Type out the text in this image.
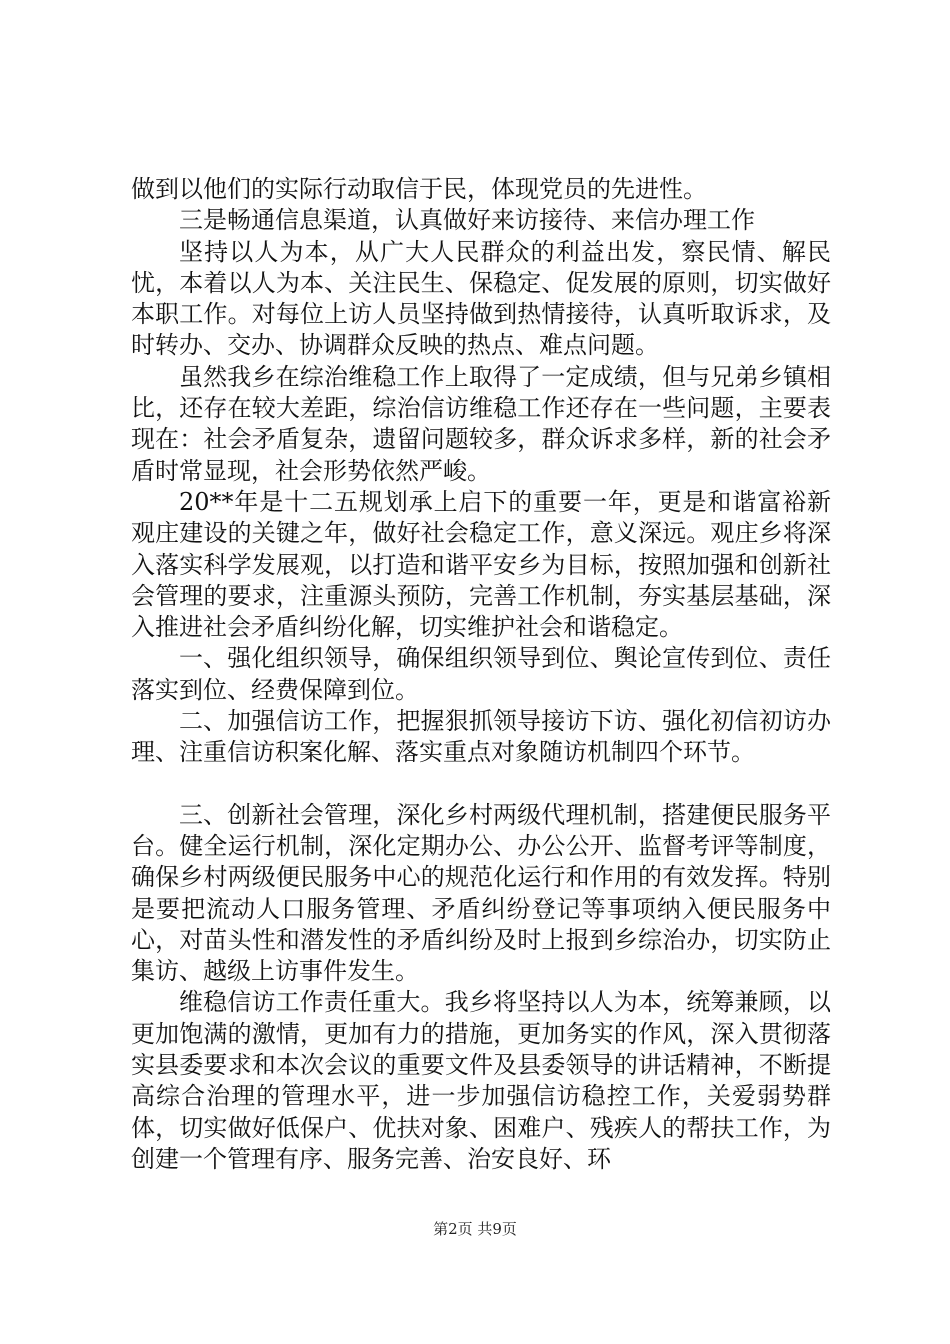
做到以他们的实际行动取信于民，体现党员的先进性。

三是畅通信息渠道，认真做好来访接待、来信办理工作

坚持以人为本，从广大人民群众的利益出发，察民情、解民忧，本着以人为本、关注民生、保稳定、促发展的原则，切实做好本职工作。对每位上访人员坚持做到热情接待，认真听取诉求，及时转办、交办、协调群众反映的热点、难点问题。

虽然我乡在综治维稳工作上取得了一定成绩，但与兄弟乡镇相比，还存在较大差距，综治信访维稳工作还存在一些问题，主要表现在：社会矛盾复杂，遗留问题较多，群众诉求多样，新的社会矛盾时常显现，社会形势依然严峻。

20**年是十二五规划承上启下的重要一年，更是和谐富裕新观庄建设的关键之年，做好社会稳定工作，意义深远。观庄乡将深入落实科学发展观，以打造和谐平安乡为目标，按照加强和创新社会管理的要求，注重源头预防，完善工作机制，夯实基层基础，深入推进社会矛盾纠纷化解，切实维护社会和谐稳定。

一、强化组织领导，确保组织领导到位、舆论宣传到位、责任落实到位、经费保障到位。

二、加强信访工作，把握狠抓领导接访下访、强化初信初访办理、注重信访积案化解、落实重点对象随访机制四个环节。

三、创新社会管理，深化乡村两级代理机制，搭建便民服务平台。健全运行机制，深化定期办公、办公公开、监督考评等制度，确保乡村两级便民服务中心的规范化运行和作用的有效发挥。特别是要把流动人口服务管理、矛盾纠纷登记等事项纳入便民服务中心，对苗头性和潜发性的矛盾纠纷及时上报到乡综治办，切实防止集访、越级上访事件发生。

维稳信访工作责任重大。我乡将坚持以人为本，统筹兼顾，以更加饱满的激情，更加有力的措施，更加务实的作风，深入贯彻落实县委要求和本次会议的重要文件及县委领导的讲话精神，不断提高综合治理的管理水平，进一步加强信访稳控工作，关爱弱势群体，切实做好低保户、优扶对象、困难户、残疾人的帮扶工作，为创建一个管理有序、服务完善、治安良好、环

第2页 共9页
